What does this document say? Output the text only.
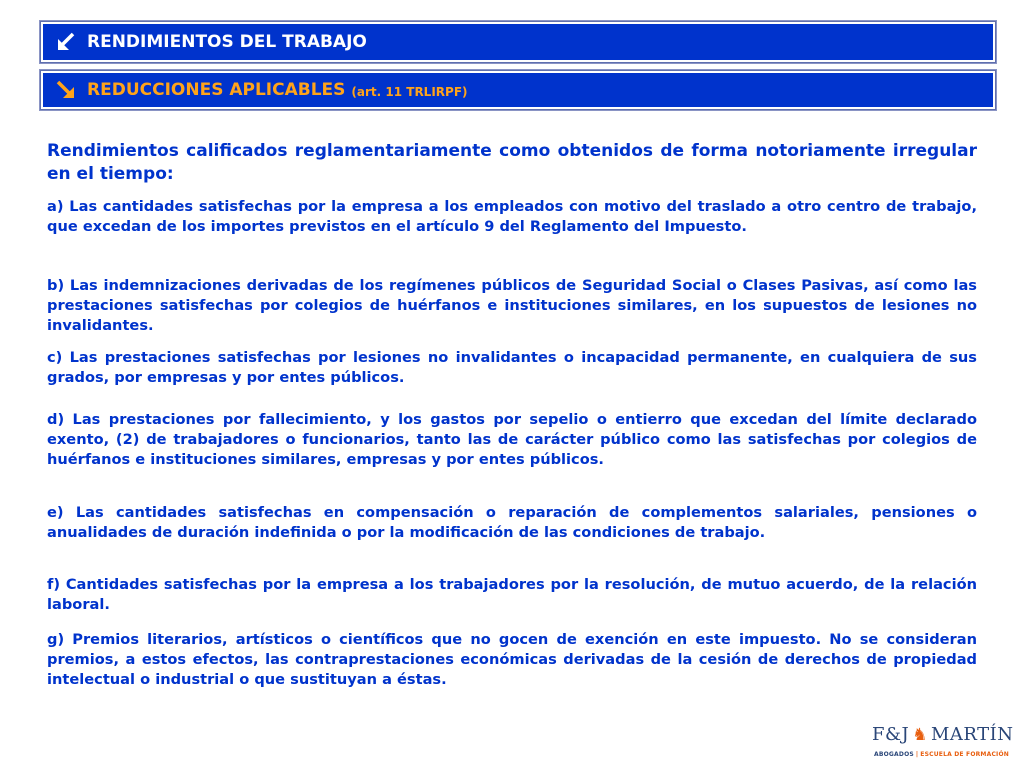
RENDIMIENTOS DEL TRABAJO
REDUCCIONES APLICABLES (art. 11 TRLIRPF)

Rendimientos calificados reglamentariamente como obtenidos de forma notoriamente irregular en el tiempo:

a) Las cantidades satisfechas por la empresa a los empleados con motivo del traslado a otro centro de trabajo, que excedan de los importes previstos en el artículo 9 del Reglamento del Impuesto.

b) Las indemnizaciones derivadas de los regímenes públicos de Seguridad Social o Clases Pasivas, así como las prestaciones satisfechas por colegios de huérfanos e instituciones similares, en los supuestos de lesiones no invalidantes.

c) Las prestaciones satisfechas por lesiones no invalidantes o incapacidad permanente, en cualquiera de sus grados, por empresas y por entes públicos.

d) Las prestaciones por fallecimiento, y los gastos por sepelio o entierro que excedan del límite declarado exento, (2) de trabajadores o funcionarios, tanto las de carácter público como las satisfechas por colegios de huérfanos e instituciones similares, empresas y por entes públicos.

e) Las cantidades satisfechas en compensación o reparación de complementos salariales, pensiones o anualidades de duración indefinida o por la modificación de las condiciones de trabajo.

f) Cantidades satisfechas por la empresa a los trabajadores por la resolución, de mutuo acuerdo, de la relación laboral.

g) Premios literarios, artísticos o científicos que no gocen de exención en este impuesto. No se consideran premios, a estos efectos, las contraprestaciones económicas derivadas de la cesión de derechos de propiedad intelectual o industrial o que sustituyan a éstas.

F&J ♞ MARTÍN
ABOGADOS | ESCUELA DE FORMACIÓN
